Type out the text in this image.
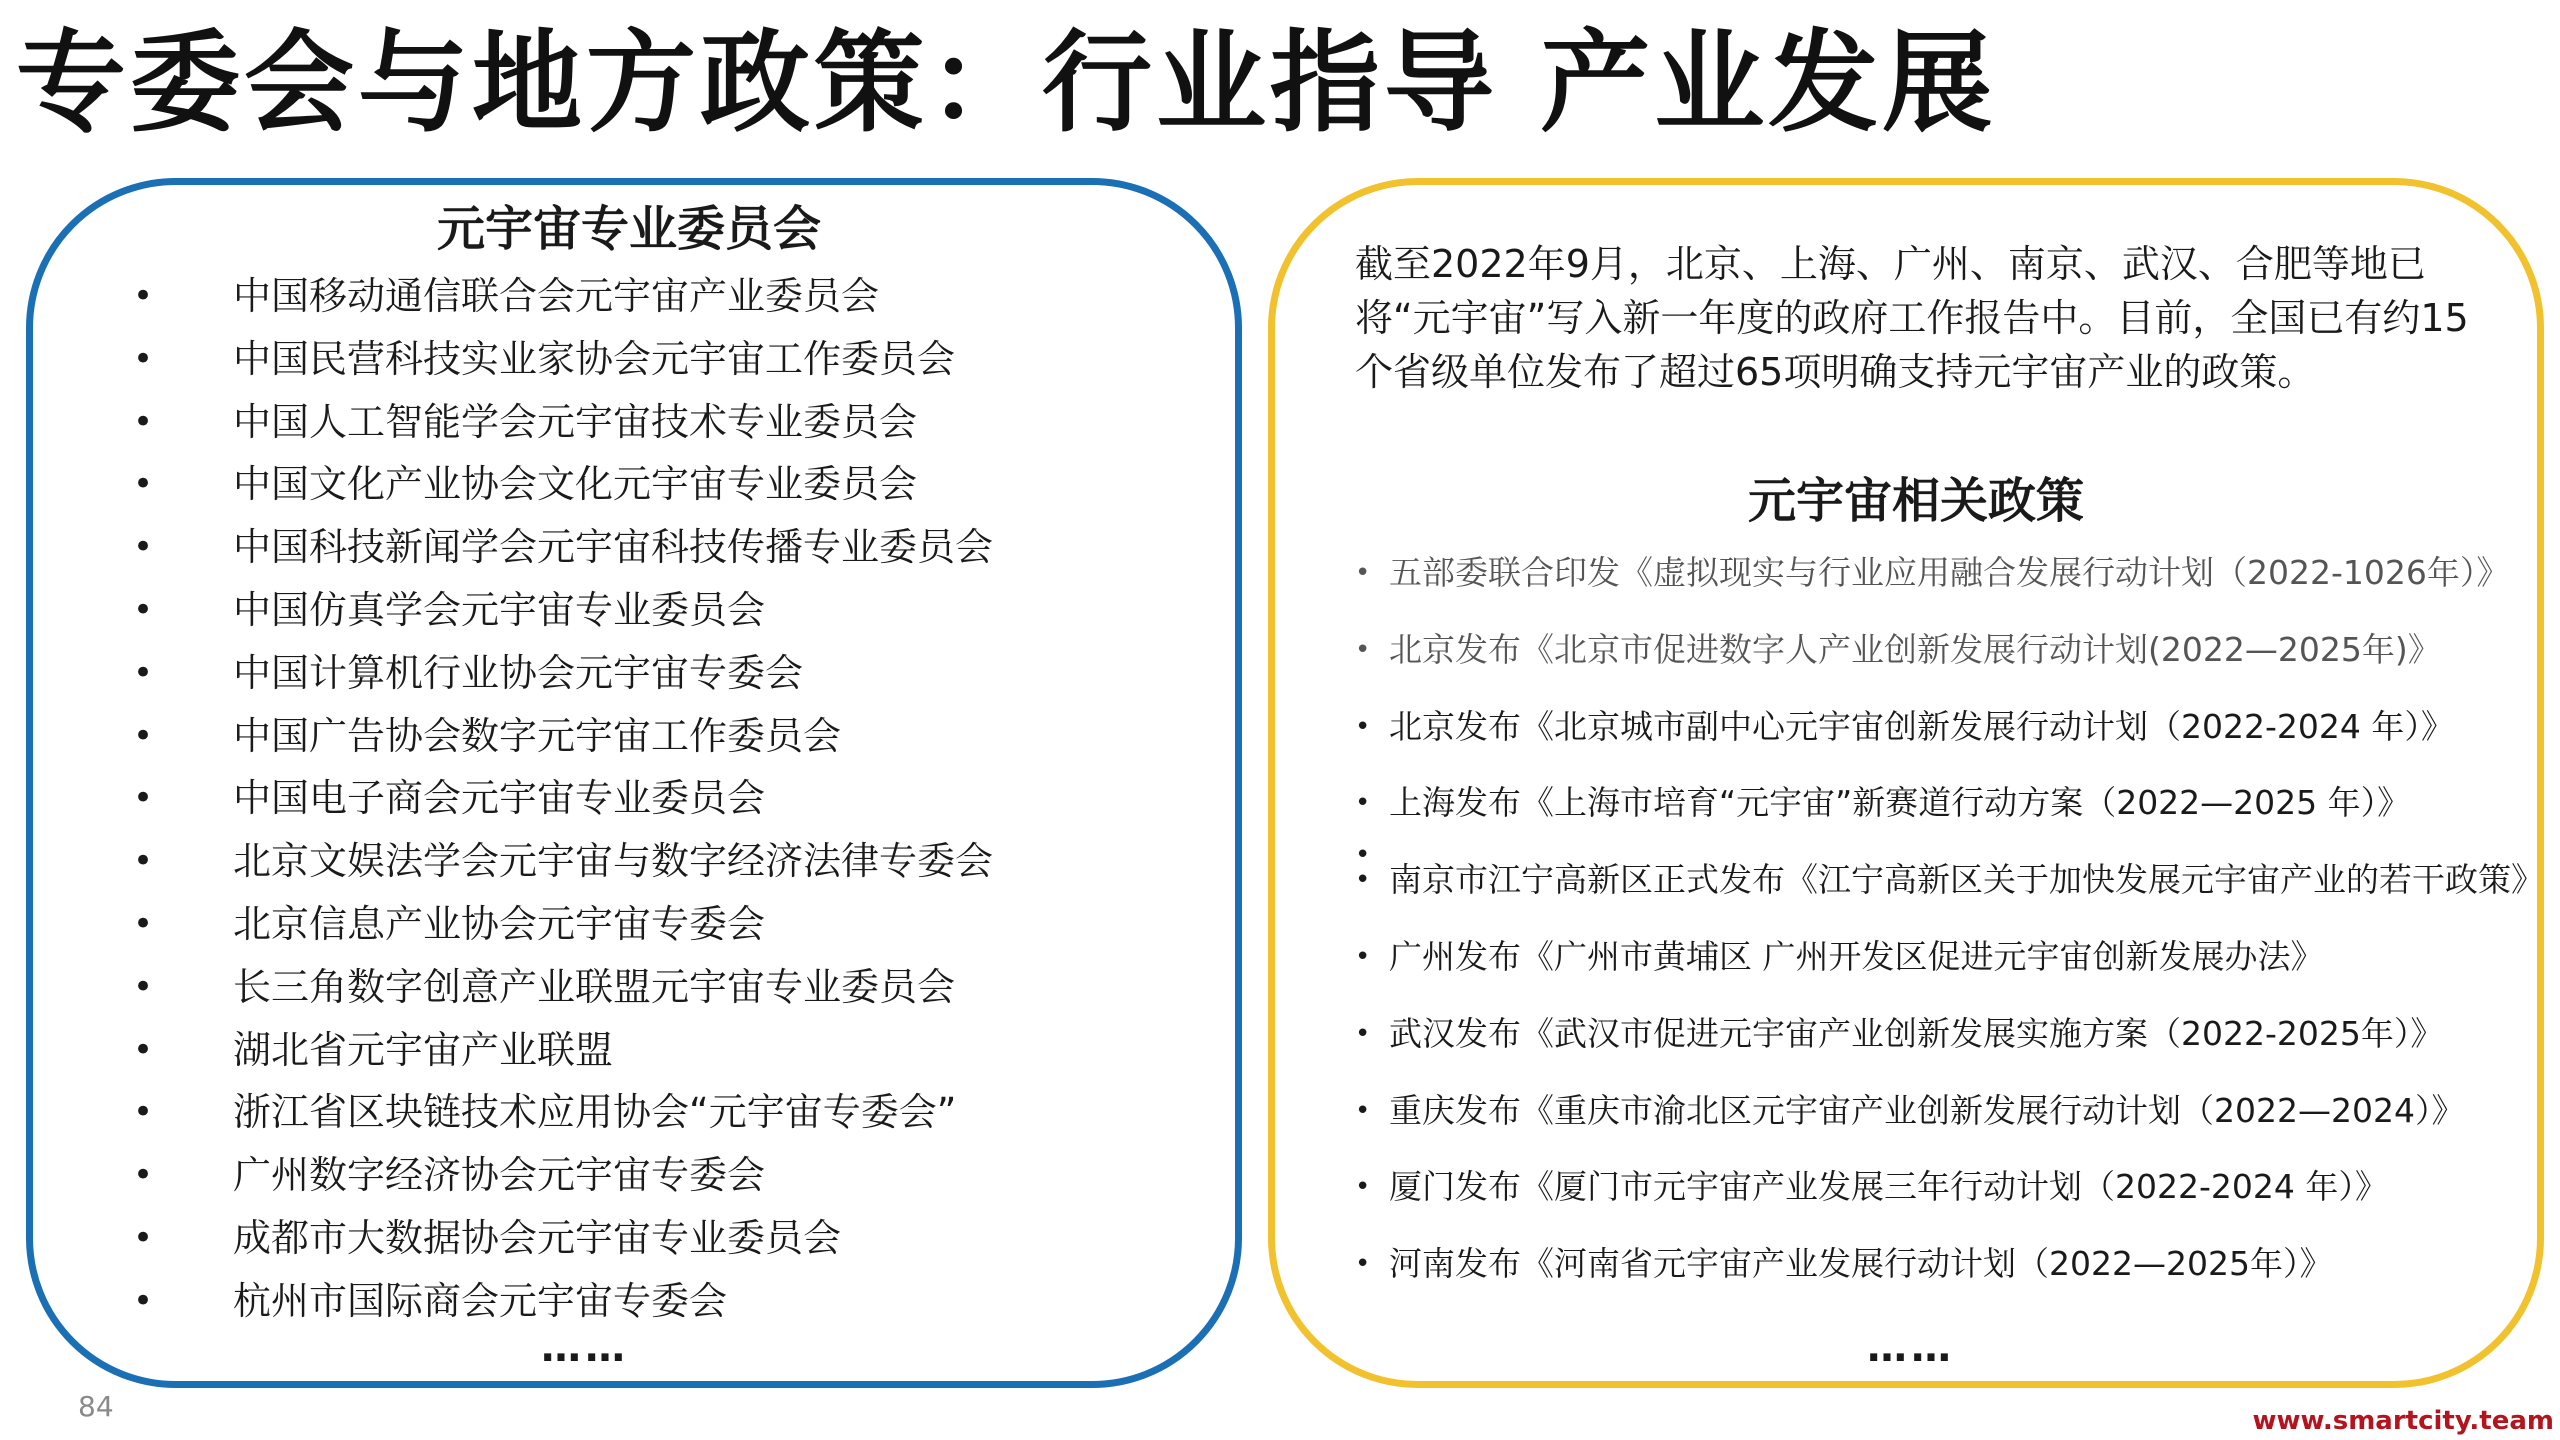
专委会与地方政策：行业指导 产业发展
元宇宙专业委员会
• 中国移动通信联合会元宇宙产业委员会
• 中国民营科技实业家协会元宇宙工作委员会
• 中国人工智能学会元宇宙技术专业委员会
• 中国文化产业协会文化元宇宙专业委员会
• 中国科技新闻学会元宇宙科技传播专业委员会
• 中国仿真学会元宇宙专业委员会
• 中国计算机行业协会元宇宙专委会
• 中国广告协会数字元宇宙工作委员会
• 中国电子商会元宇宙专业委员会
• 北京文娱法学会元宇宙与数字经济法律专委会
• 北京信息产业协会元宇宙专委会
• 长三角数字创意产业联盟元宇宙专业委员会
• 湖北省元宇宙产业联盟
• 浙江省区块链技术应用协会“元宇宙专委会”
• 广州数字经济协会元宇宙专委会
• 成都市大数据协会元宇宙专业委员会
• 杭州市国际商会元宇宙专委会
……

截至2022年9月，北京、上海、广州、南京、武汉、合肥等地已将“元宇宙”写入新一年度的政府工作报告中。目前，全国已有约15个省级单位发布了超过65项明确支持元宇宙产业的政策。

元宇宙相关政策
• 五部委联合印发《虚拟现实与行业应用融合发展行动计划（2022-1026年）》
• 北京发布《北京市促进数字人产业创新发展行动计划(2022—2025年)》
• 北京发布《北京城市副中心元宇宙创新发展行动计划（2022-2024 年）》
• 上海发布《上海市培育“元宇宙”新赛道行动方案（2022—2025 年）》
• 南京市江宁高新区正式发布《江宁高新区关于加快发展元宇宙产业的若干政策》
• 广州发布《广州市黄埔区 广州开发区促进元宇宙创新发展办法》
• 武汉发布《武汉市促进元宇宙产业创新发展实施方案（2022-2025年）》
• 重庆发布《重庆市渝北区元宇宙产业创新发展行动计划（2022—2024）》
• 厦门发布《厦门市元宇宙产业发展三年行动计划（2022-2024 年）》
• 河南发布《河南省元宇宙产业发展行动计划（2022—2025年）》
•
……
84	www.smartcity.team
